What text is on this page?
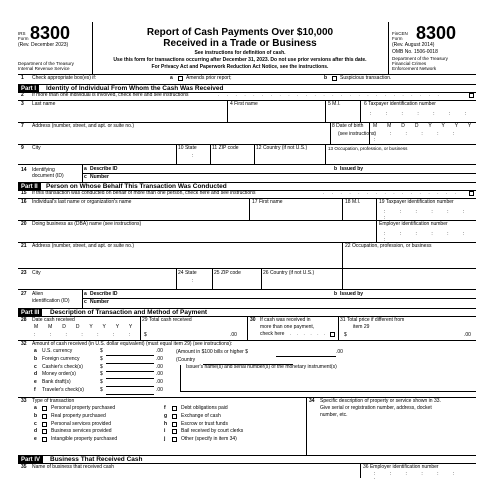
IRS Form 8300
(Rev. December 2023)
Department of the Treasury
Internal Revenue Service
Report of Cash Payments Over $10,000
Received in a Trade or Business
See instructions for definition of cash.
Use this form for transactions occurring after December 31, 2023. Do not use prior versions after this date.
For Privacy Act and Paperwork Reduction Act Notice, see the instructions.
FinCEN Form 8300
(Rev. August 2014)
OMB No. 1506-0018
Department of the Treasury
Financial Crimes
Enforcement Network
1 Check appropriate box(es) if:	a	Amends prior report;	b	Suspicious transaction.
Part I	Identity of Individual From Whom the Cash Was Received
2 If more than one individual is involved, check here and see instructions	. . . . . . . . . . . . . . . . . . . . . . . . . .
3 Last name	4 First name	5 M.I.	6 Taxpayer identification number
: : : : : : :
7 Address (number, street, and apt. or suite no.)	8 Date of birth
(see instructions)
M M D D Y Y Y Y
: : : : : : :
9 City	10 State
:
11 ZIP code	12 Country (if not U.S.)	13 Occupation, profession, or business
14 Identifying
document (ID)
a Describe ID
c Number
b Issued by
Part II	Person on Whose Behalf This Transaction Was Conducted
15 If this transaction was conducted on behalf of more than one person, check here and see instructions	. . . . . . . . . . . . . . . .
16 Individual's last name or organization's name	17 First name	18 M.I.	19 Taxpayer identification number
: : : : : : :
20 Doing business as (DBA) name (see instructions)	Employer identification number
: : : : : : :
21 Address (number, street, and apt. or suite no.)	22 Occupation, profession, or business
23 City	24 State
:
25 ZIP code	26 Country (if not U.S.)
27 Alien
identification (ID)
a Describe ID
c Number
b Issued by
Part III	Description of Transaction and Method of Payment
28 Date cash received
M M D D Y Y Y Y
: : : : : : :
29 Total cash received
$	.00
30 If cash was received in
more than one payment,
check here . . . . . .
31 Total price if different from
item 29
$	.00
32 Amount of cash received (in U.S. dollar equivalent) (must equal item 29) (see instructions):
a U.S. currency	$	.00
b Foreign currency	$	.00
c Cashier's check(s)	$	.00
d Money order(s)	$	.00
e Bank draft(s)	$	.00
f Traveler's check(s)	$	.00
(Amount in $100 bills or higher $	.00
(Country
Issuer's name(s) and serial number(s) of the monetary instrument(s)
33 Type of transaction
a	Personal property purchased
b	Real property purchased
c	Personal services provided
d	Business services provided
e	Intangible property purchased
f	Debt obligations paid
g	Exchange of cash
h	Escrow or trust funds
i	Bail received by court clerks
j	Other (specify in item 34)
34 Specific description of property or service shown in 33.
Give serial or registration number, address, docket
number, etc.
Part IV	Business That Received Cash
35 Name of business that received cash	36 Employer identification number
: : : : : : :
